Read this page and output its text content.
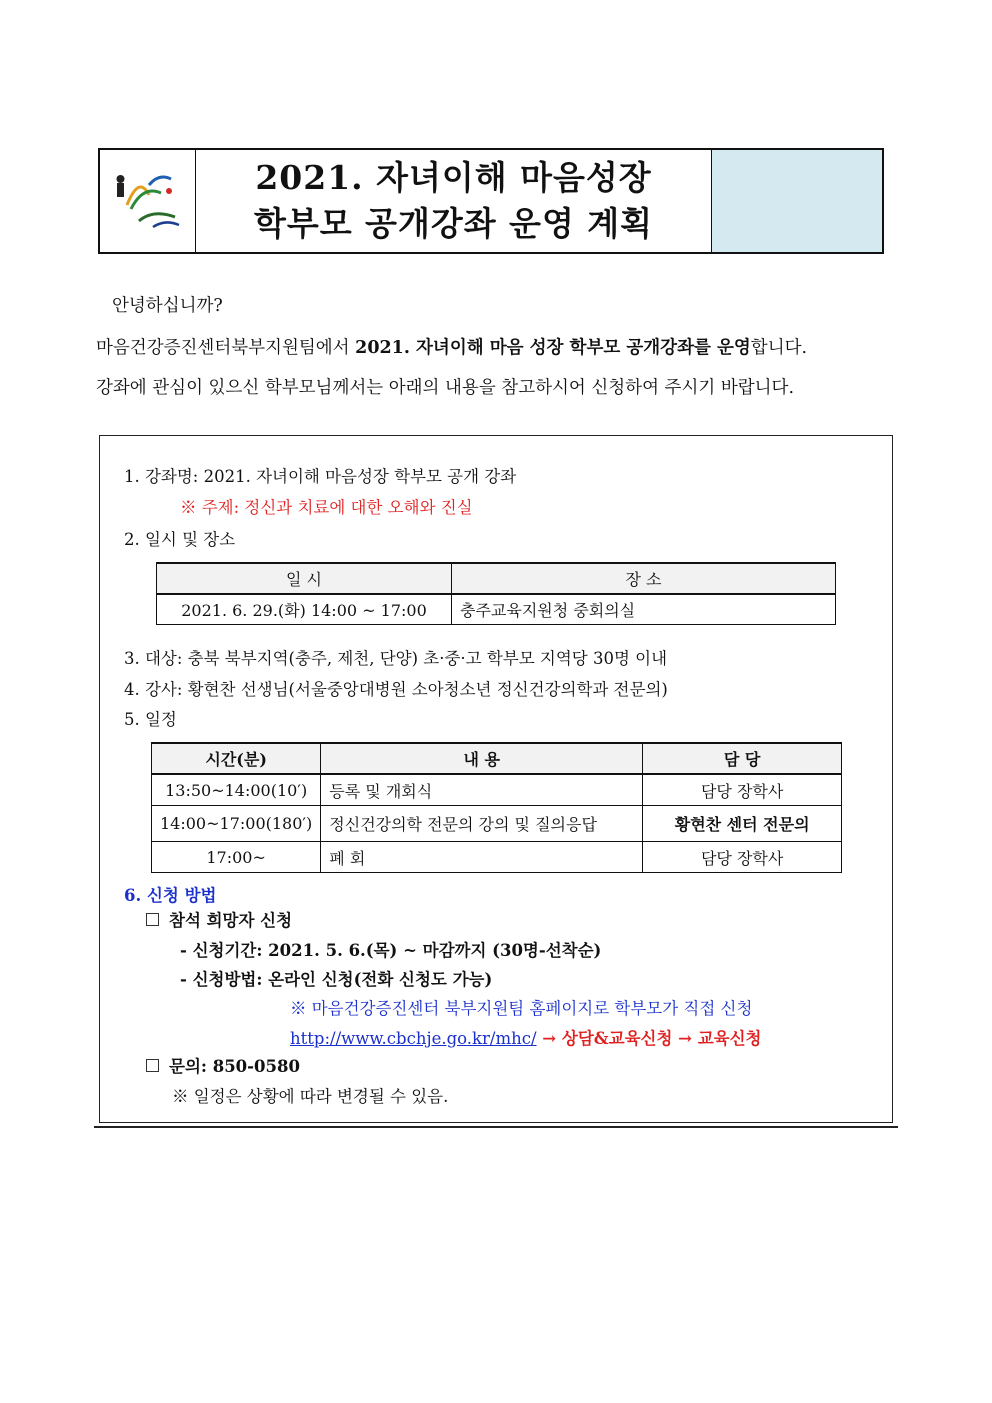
2021. 자녀이해 마음성장
학부모 공개강좌 운영 계획
안녕하십니까?
마음건강증진센터북부지원팀에서 2021. 자녀이해 마음 성장 학부모 공개강좌를 운영합니다.
강좌에 관심이 있으신 학부모님께서는 아래의 내용을 참고하시어 신청하여 주시기 바랍니다.
1. 강좌명: 2021. 자녀이해 마음성장 학부모 공개 강좌
※ 주제: 정신과 치료에 대한 오해와 진실
2. 일시 및 장소
일 시	장 소
2021. 6. 29.(화) 14:00 ~ 17:00	충주교육지원청 중회의실
3. 대상: 충북 북부지역(충주, 제천, 단양) 초·중·고 학부모 지역당 30명 이내
4. 강사: 황현찬 선생님(서울중앙대병원 소아청소년 정신건강의학과 전문의)
5. 일정
시간(분)	내 용	담 당
13:50~14:00(10′)	등록 및 개회식	담당 장학사
14:00~17:00(180′)	정신건강의학 전문의 강의 및 질의응답	황현찬 센터 전문의
17:00~	폐 회	담당 장학사
6. 신청 방법
참석 희망자 신청
- 신청기간: 2021. 5. 6.(목) ~ 마감까지 (30명-선착순)
- 신청방법: 온라인 신청(전화 신청도 가능)
※ 마음건강증진센터 북부지원팀 홈페이지로 학부모가 직접 신청
http://www.cbchje.go.kr/mhc/ → 상담&교육신청 → 교육신청
문의: 850-0580
※ 일정은 상황에 따라 변경될 수 있음.
